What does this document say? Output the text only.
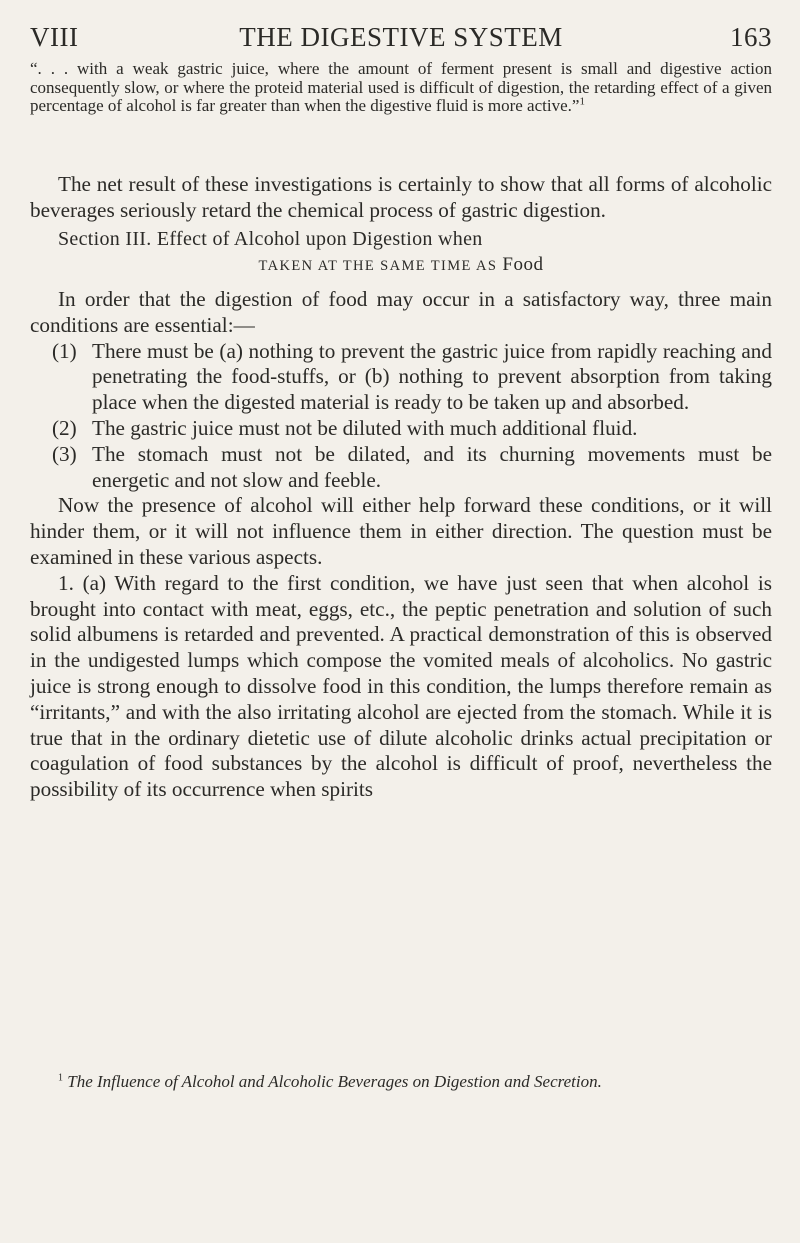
VIII	THE DIGESTIVE SYSTEM	163

“. . . with a weak gastric juice, where the amount of ferment present is small and digestive action consequently slow, or where the proteid material used is difficult of digestion, the retarding effect of a given percentage of alcohol is far greater than when the digestive fluid is more active.”$^1$

The net result of these investigations is certainly to show that all forms of alcoholic beverages seriously retard the chemical process of gastric digestion.

Section III. Effect of Alcohol upon Digestion when
TAKEN AT THE SAME TIME AS Food

In order that the digestion of food may occur in a satisfactory way, three main conditions are essential:—

(1) There must be (a) nothing to prevent the gastric juice from rapidly reaching and penetrating the food-stuffs, or (b) nothing to prevent absorption from taking place when the digested material is ready to be taken up and absorbed.
(2) The gastric juice must not be diluted with much additional fluid.
(3) The stomach must not be dilated, and its churning movements must be energetic and not slow and feeble.

Now the presence of alcohol will either help forward these conditions, or it will hinder them, or it will not influence them in either direction. The question must be examined in these various aspects.

1. (a) With regard to the first condition, we have just seen that when alcohol is brought into contact with meat, eggs, etc., the peptic penetration and solution of such solid albumens is retarded and prevented. A practical demonstration of this is observed in the undigested lumps which compose the vomited meals of alcoholics. No gastric juice is strong enough to dissolve food in this condition, the lumps therefore remain as “irritants,” and with the also irritating alcohol are ejected from the stomach. While it is true that in the ordinary dietetic use of dilute alcoholic drinks actual precipitation or coagulation of food substances by the alcohol is difficult of proof, nevertheless the possibility of its occurrence when spirits

$^1$ The Influence of Alcohol and Alcoholic Beverages on Digestion and Secretion.
